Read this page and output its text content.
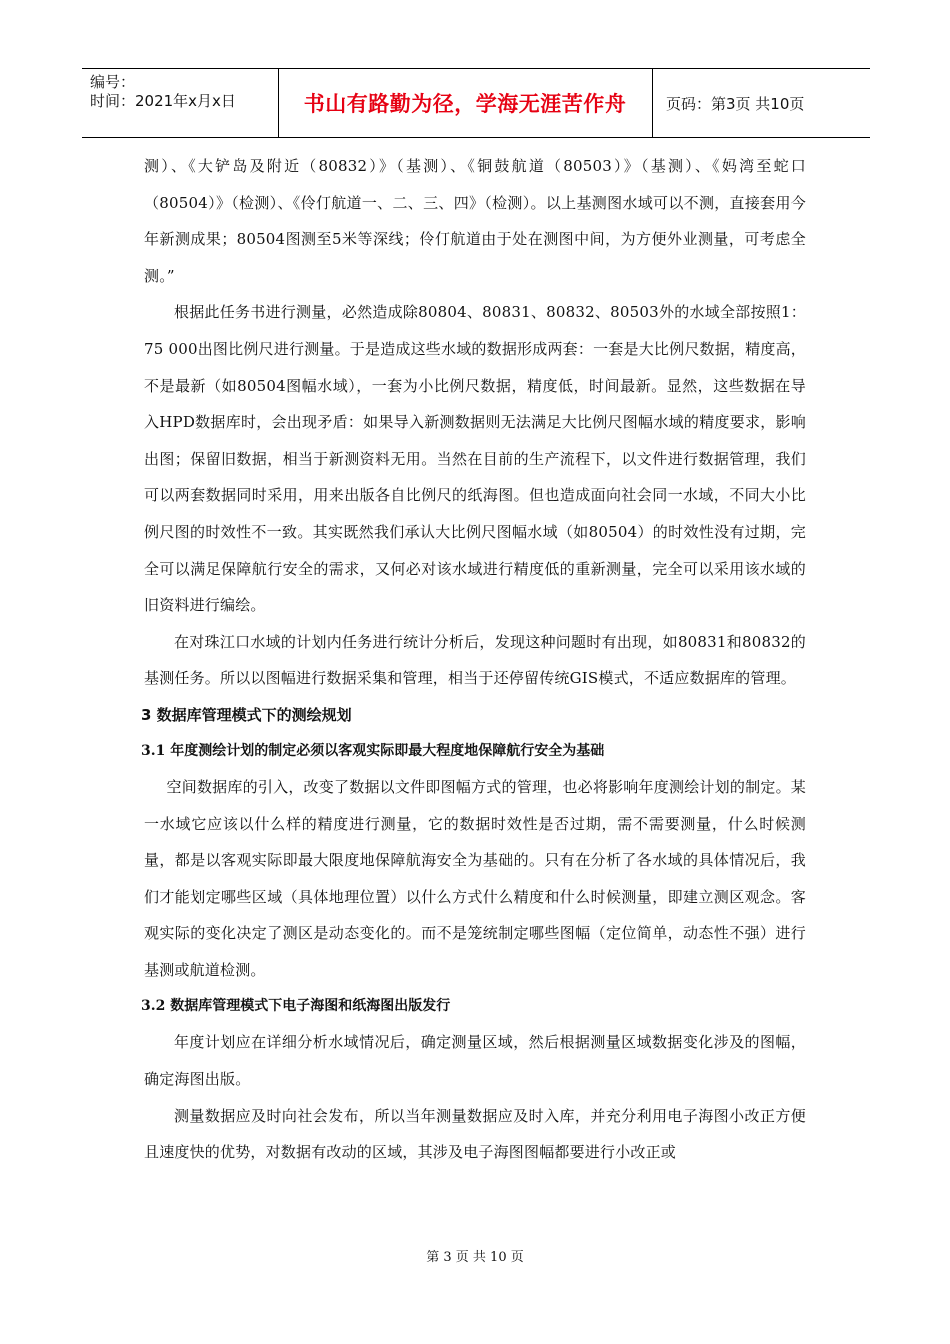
编号：
时间：2021年x月x日	书山有路勤为径，学海无涯苦作舟	页码：第3页 共10页

测）、《大铲岛及附近（80832）》（基测）、《铜鼓航道（80503）》（基测）、《妈湾至蛇口（80504）》（检测）、《伶仃航道一、二、三、四》（检测）。以上基测图水域可以不测，直接套用今年新测成果；80504图测至5米等深线；伶仃航道由于处在测图中间，为方便外业测量，可考虑全测。”

根据此任务书进行测量，必然造成除80804、80831、80832、80503外的水域全部按照1：75 000出图比例尺进行测量。于是造成这些水域的数据形成两套：一套是大比例尺数据，精度高，不是最新（如80504图幅水域），一套为小比例尺数据，精度低，时间最新。显然，这些数据在导入HPD数据库时，会出现矛盾：如果导入新测数据则无法满足大比例尺图幅水域的精度要求，影响出图；保留旧数据，相当于新测资料无用。当然在目前的生产流程下，以文件进行数据管理，我们可以两套数据同时采用，用来出版各自比例尺的纸海图。但也造成面向社会同一水域，不同大小比例尺图的时效性不一致。其实既然我们承认大比例尺图幅水域（如80504）的时效性没有过期，完全可以满足保障航行安全的需求，又何必对该水域进行精度低的重新测量，完全可以采用该水域的旧资料进行编绘。

在对珠江口水域的计划内任务进行统计分析后，发现这种问题时有出现，如80831和80832的基测任务。所以以图幅进行数据采集和管理，相当于还停留传统GIS模式，不适应数据库的管理。

3 数据库管理模式下的测绘规划
3.1 年度测绘计划的制定必须以客观实际即最大程度地保障航行安全为基础

空间数据库的引入，改变了数据以文件即图幅方式的管理，也必将影响年度测绘计划的制定。某一水域它应该以什么样的精度进行测量，它的数据时效性是否过期，需不需要测量，什么时候测量，都是以客观实际即最大限度地保障航海安全为基础的。只有在分析了各水域的具体情况后，我们才能划定哪些区域（具体地理位置）以什么方式什么精度和什么时候测量，即建立测区观念。客观实际的变化决定了测区是动态变化的。而不是笼统制定哪些图幅（定位简单，动态性不强）进行基测或航道检测。

3.2 数据库管理模式下电子海图和纸海图出版发行

年度计划应在详细分析水域情况后，确定测量区域，然后根据测量区域数据变化涉及的图幅，确定海图出版。

测量数据应及时向社会发布，所以当年测量数据应及时入库，并充分利用电子海图小改正方便且速度快的优势，对数据有改动的区域，其涉及电子海图图幅都要进行小改正或

第 3 页 共 10 页
